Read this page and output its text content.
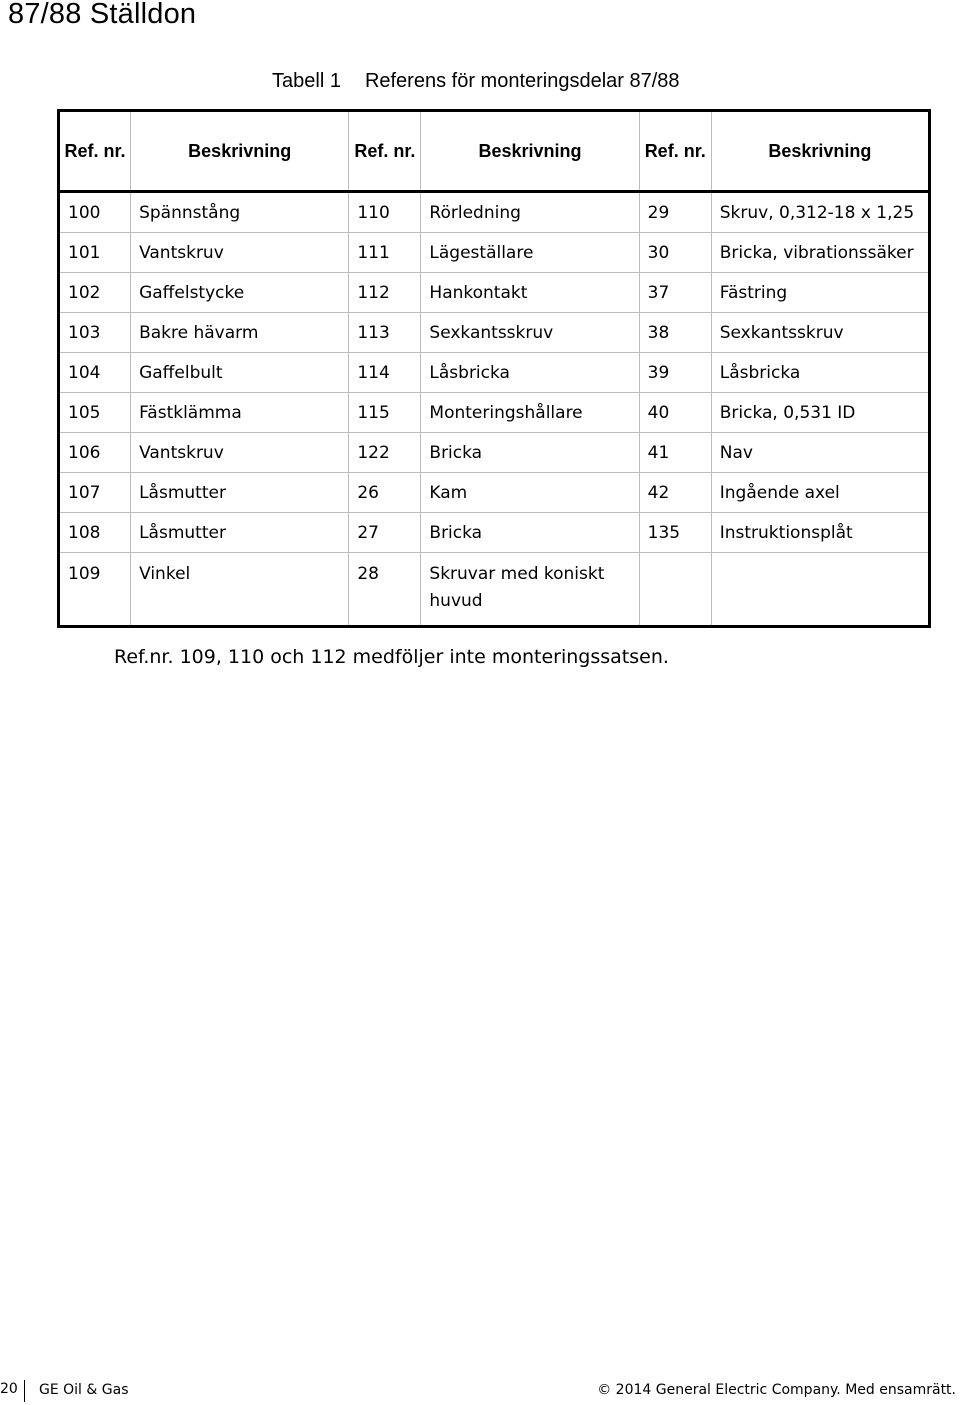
87/88 Ställdon
Tabell 1 Referens för monteringsdelar 87/88
Ref. nr.	Beskrivning	Ref. nr.	Beskrivning	Ref. nr.	Beskrivning
100	Spännstång	110	Rörledning	29	Skruv, 0,312-18 x 1,25
101	Vantskruv	111	Lägeställare	30	Bricka, vibrationssäker
102	Gaffelstycke	112	Hankontakt	37	Fästring
103	Bakre hävarm	113	Sexkantsskruv	38	Sexkantsskruv
104	Gaffelbult	114	Låsbricka	39	Låsbricka
105	Fästklämma	115	Monteringshållare	40	Bricka, 0,531 ID
106	Vantskruv	122	Bricka	41	Nav
107	Låsmutter	26	Kam	42	Ingående axel
108	Låsmutter	27	Bricka	135	Instruktionsplåt
109	Vinkel	28	Skruvar med koniskt huvud		
Ref.nr. 109, 110 och 112 medföljer inte monteringssatsen.
20 GE Oil & Gas	© 2014 General Electric Company. Med ensamrätt.
